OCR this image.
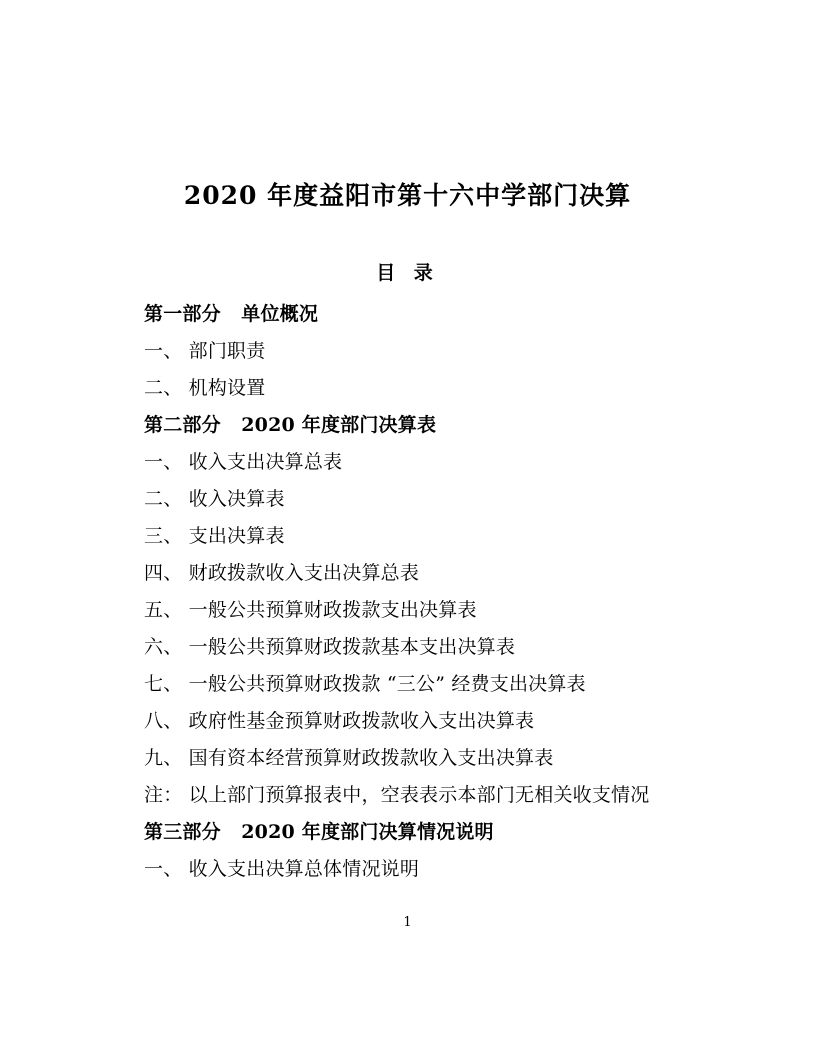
2020 年度益阳市第十六中学部门决算
目 录
第一部分   单位概况
一、 部门职责
二、 机构设置
第二部分   2020 年度部门决算表
一、 收入支出决算总表
二、 收入决算表
三、 支出决算表
四、 财政拨款收入支出决算总表
五、 一般公共预算财政拨款支出决算表
六、 一般公共预算财政拨款基本支出决算表
七、 一般公共预算财政拨款 “三公” 经费支出决算表
八、 政府性基金预算财政拨款收入支出决算表
九、 国有资本经营预算财政拨款收入支出决算表
注： 以上部门预算报表中，空表表示本部门无相关收支情况
第三部分   2020 年度部门决算情况说明
一、 收入支出决算总体情况说明
1
